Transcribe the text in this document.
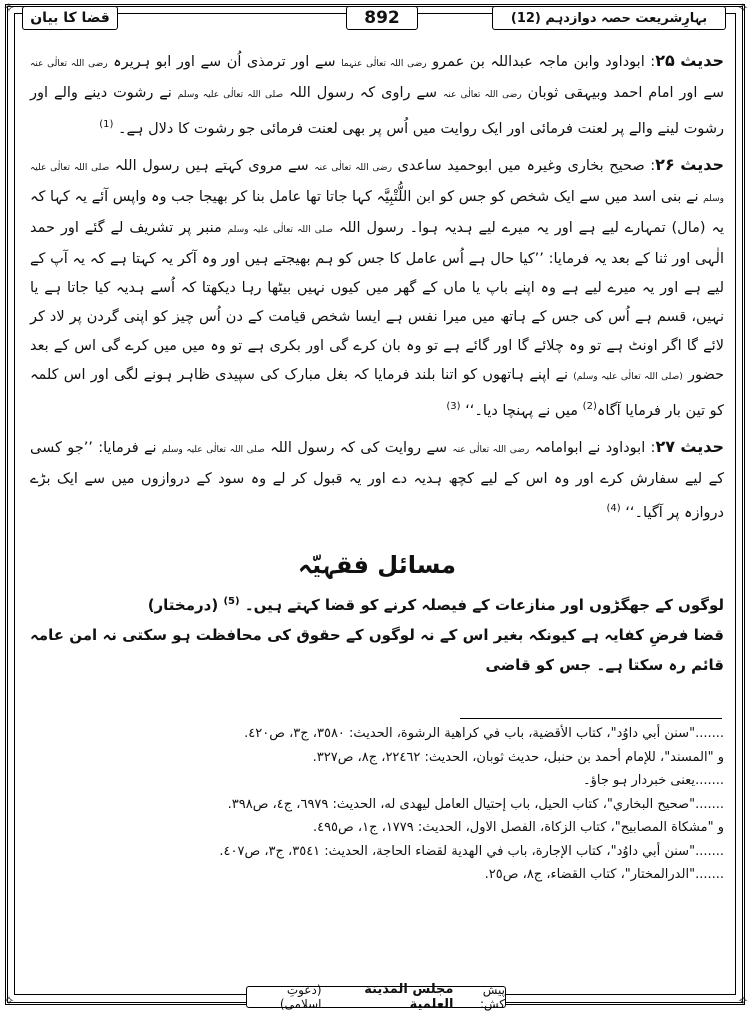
✧	✧
✧	✧
بہارِشریعت حصہ دوازدہم (12)
892
قضا کا بیان

حدیث ۲۵: ابوداود وابن ماجہ عبداللہ بن عمرو رضی اللہ تعالٰی عنہما سے اور ترمذی اُن سے اور ابو ہریرہ رضی اللہ تعالٰی عنہ سے اور امام احمد وبیہقی ثوبان رضی اللہ تعالٰی عنہ سے راوی کہ رسول اللہ صلی اللہ تعالٰی علیہ وسلم نے رشوت دینے والے اور رشوت لینے والے پر لعنت فرمائی اور ایک روایت میں اُس پر بھی لعنت فرمائی جو رشوت کا دلال ہے۔ $^{(1)}$

حدیث ۲۶: صحیح بخاری وغیرہ میں ابوحمید ساعدی رضی اللہ تعالٰی عنہ سے مروی کہتے ہیں رسول اللہ صلی اللہ تعالٰی علیہ وسلم نے بنی اسد میں سے ایک شخص کو جس کو ابن اللُّتْبِیَّہ کہا جاتا تھا عامل بنا کر بھیجا جب وہ واپس آئے یہ کہا کہ یہ (مال) تمہارے لیے ہے اور یہ میرے لیے ہدیہ ہوا۔ رسول اللہ صلی اللہ تعالٰی علیہ وسلم منبر پر تشریف لے گئے اور حمد الٰہی اور ثنا کے بعد یہ فرمایا: ’’کیا حال ہے اُس عامل کا جس کو ہم بھیجتے ہیں اور وہ آکر یہ کہتا ہے کہ یہ آپ کے لیے ہے اور یہ میرے لیے ہے وہ اپنے باپ یا ماں کے گھر میں کیوں نہیں بیٹھا رہا دیکھتا کہ اُسے ہدیہ کیا جاتا ہے یا نہیں، قسم ہے اُس کی جس کے ہاتھ میں میرا نفس ہے ایسا شخص قیامت کے دن اُس چیز کو اپنی گردن پر لاد کر لائے گا اگر اونٹ ہے تو وہ چلائے گا اور گائے ہے تو وہ بان کرے گی اور بکری ہے تو وہ میں میں کرے گی اس کے بعد حضور (صلی اللہ تعالٰی علیہ وسلم) نے اپنے ہاتھوں کو اتنا بلند فرمایا کہ بغل مبارک کی سپیدی ظاہر ہونے لگی اور اس کلمہ کو تین بار فرمایا آگاہ$^{(2)}$ میں نے پہنچا دیا۔‘‘ $^{(3)}$

حدیث ۲۷: ابوداود نے ابوامامہ رضی اللہ تعالٰی عنہ سے روایت کی کہ رسول اللہ صلی اللہ تعالٰی علیہ وسلم نے فرمایا: ’’جو کسی کے لیے سفارش کرے اور وہ اس کے لیے کچھ ہدیہ دے اور یہ قبول کر لے وہ سود کے دروازوں میں سے ایک بڑے دروازہ پر آگیا۔‘‘ $^{(4)}$

مسائل فقہیّہ

لوگوں کے جھگڑوں اور منازعات کے فیصلہ کرنے کو قضا کہتے ہیں۔ $^{(5)}$ (درمختار)

قضا فرضِ کفایہ ہے کیونکہ بغیر اس کے نہ لوگوں کے حقوق کی محافظت ہو سکتی نہ امن عامہ قائم رہ سکتا ہے۔ جس کو قاضی

......."سنن أبي داوُد"، كتاب الأقضية، باب في كراهية الرشوة، الحديث: ٣٥٨٠، ج٣، ص٤٢٠.
و "المسند"، للإمام أحمد بن حنبل، حديث ثوبان، الحديث: ٢٢٤٦٢، ج٨، ص٣٢٧.
.......یعنی خبردار ہو جاؤ۔
......."صحيح البخاري"، كتاب الحيل، باب إحتيال العامل ليهدى له، الحديث: ٦٩٧٩، ج٤، ص٣٩٨.
و "مشكاة المصابيح"، كتاب الزكاة، الفصل الاول، الحديث: ١٧٧٩، ج١، ص٤٩٥.
......."سنن أبي داوُد"، كتاب الإجارة، باب في الهدية لقضاء الحاجة، الحديث: ٣٥٤١، ج٣، ص٤٠٧.
......."الدرالمختار"، كتاب القضاء، ج٨، ص٢٥.
پیش کش:
مجلس المدینة العلمیة
(دعوتِ اسلامی)
